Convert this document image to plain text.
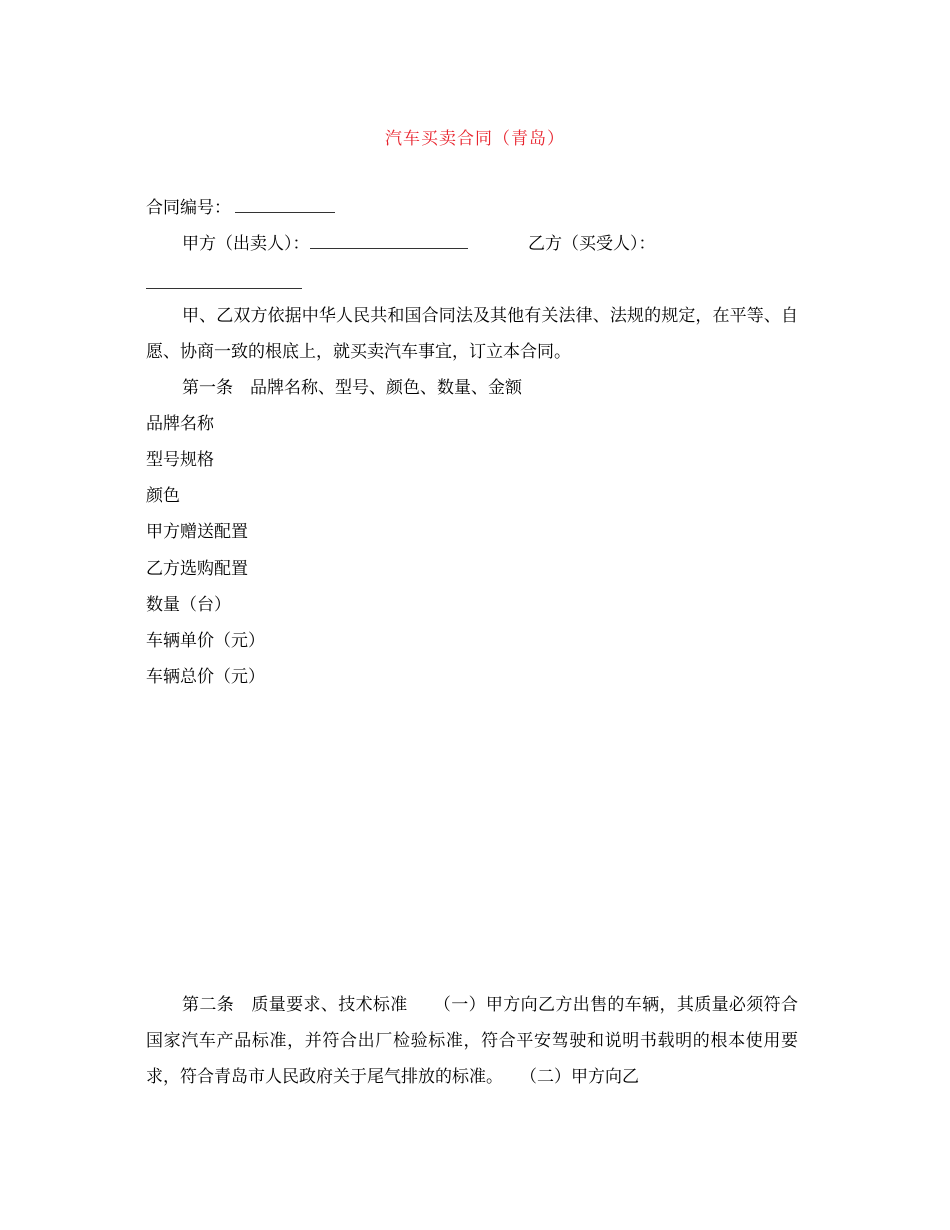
汽车买卖合同（青岛）
合同编号：
甲方（出卖人）：	乙方（买受人）：
甲、乙双方依据中华人民共和国合同法及其他有关法律、法规的规定，在平等、自愿、协商一致的根底上，就买卖汽车事宜，订立本合同。
第一条　品牌名称、型号、颜色、数量、金额
品牌名称
型号规格
颜色
甲方赠送配置
乙方选购配置
数量（台）
车辆单价（元）
车辆总价（元）
第二条　质量要求、技术标准　　（一）甲方向乙方出售的车辆，其质量必须符合国家汽车产品标准，并符合出厂检验标准，符合平安驾驶和说明书载明的根本使用要求，符合青岛市人民政府关于尾气排放的标准。　　（二）甲方向乙
